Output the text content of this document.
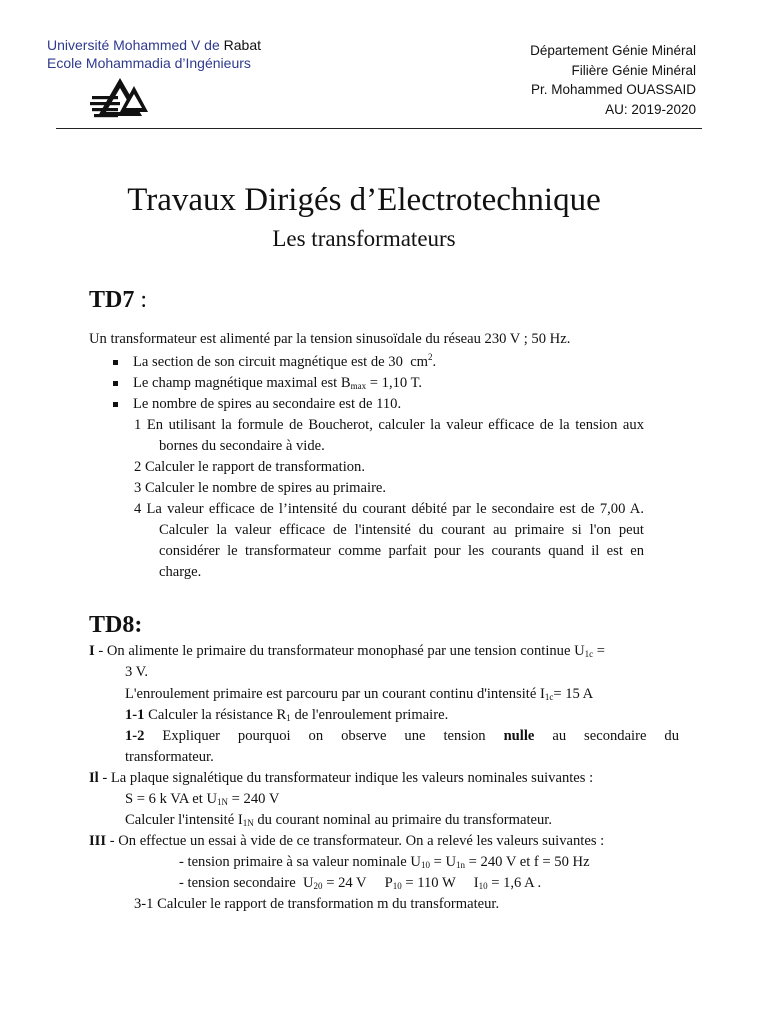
Université Mohammed V de Rabat
Ecole Mohammadia d’Ingénieurs
Département Génie Minéral
Filière Génie Minéral
Pr. Mohammed OUASSAID
AU: 2019-2020
Travaux Dirigés d’Electrotechnique
Les transformateurs
TD7 :
Un transformateur est alimenté par la tension sinusoïdale du réseau 230 V ; 50 Hz.
La section de son circuit magnétique est de 30 $cm^2$.
Le champ magnétique maximal est $B_{max} = 1,10$ T.
Le nombre de spires au secondaire est de 110.
1 En utilisant la formule de Boucherot, calculer la valeur efficace de la tension aux bornes du secondaire à vide.
2 Calculer le rapport de transformation.
3 Calculer le nombre de spires au primaire.
4 La valeur efficace de l’intensité du courant débité par le secondaire est de 7,00 A. Calculer la valeur efficace de l'intensité du courant au primaire si l'on peut considérer le transformateur comme parfait pour les courants quand il est en charge.
TD8:
I - On alimente le primaire du transformateur monophasé par une tension continue $U_{1c}$ =
3 V.
L'enroulement primaire est parcouru par un courant continu d'intensité $I_{1c}= 15$ A
1-1 Calculer la résistance $R_1$ de l'enroulement primaire.
1-2 Expliquer pourquoi on observe une tension nulle au secondaire du
transformateur.
Il - La plaque signalétique du transformateur indique les valeurs nominales suivantes :
S = 6 k VA et $U_{1N} = 240$ V
Calculer l'intensité $I_{1N}$ du courant nominal au primaire du transformateur.
III - On effectue un essai à vide de ce transformateur. On a relevé les valeurs suivantes :
- tension primaire à sa valeur nominale $U_{10} = U_{1n} = 240$ V et f = 50 Hz
- tension secondaire  $U_{20} = 24$ V     $P_{10} = 110$ W     $I_{10} = 1,6$ A .
3-1 Calculer le rapport de transformation m du transformateur.
